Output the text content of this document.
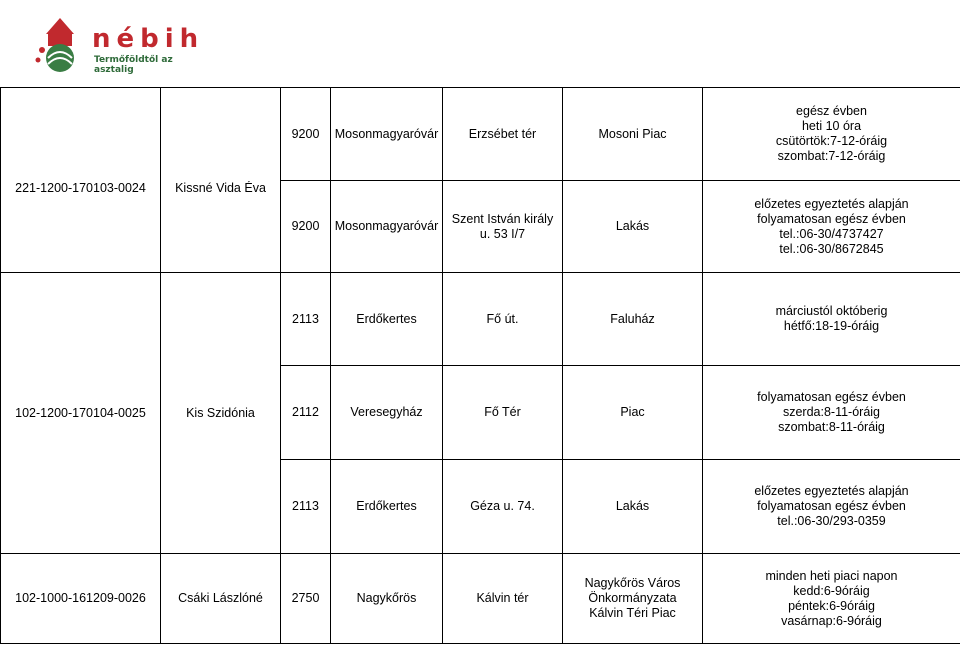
nébih
Termőföldtől az asztalig
Nyilvántartott gombaszakellenőrök
2013. július
		9200	Mosonmagyaróvár	Erzsébet tér	Mosoni Piac	egész évben
heti 10 óra
csütörtök:7-12-óráig
szombat:7-12-óráig

221-1200-170103-0024	Kissné Vida Éva	9200	Mosonmagyaróvár	Szent István király
u. 53 I/7	Lakás	előzetes egyeztetés alapján
folyamatosan egész évben
tel.:06-30/4737427
tel.:06-30/8672845

102-1200-170104-0025	Kis Szidónia	2113	Erdőkertes	Fő út.	Faluház	márciustól októberig
hétfő:18-19-óráig

		2112	Veresegyház	Fő Tér	Piac	folyamatosan egész évben
szerda:8-11-óráig
szombat:8-11-óráig

		2113	Erdőkertes	Géza u. 74.	Lakás	előzetes egyeztetés alapján
folyamatosan egész évben
tel.:06-30/293-0359

102-1000-161209-0026	Csáki Lászlóné	2750	Nagykőrös	Kálvin tér	Nagykőrös Város
Önkormányzata
Kálvin Téri Piac	minden heti piaci napon
kedd:6-9óráig
péntek:6-9óráig
vasárnap:6-9óráig
